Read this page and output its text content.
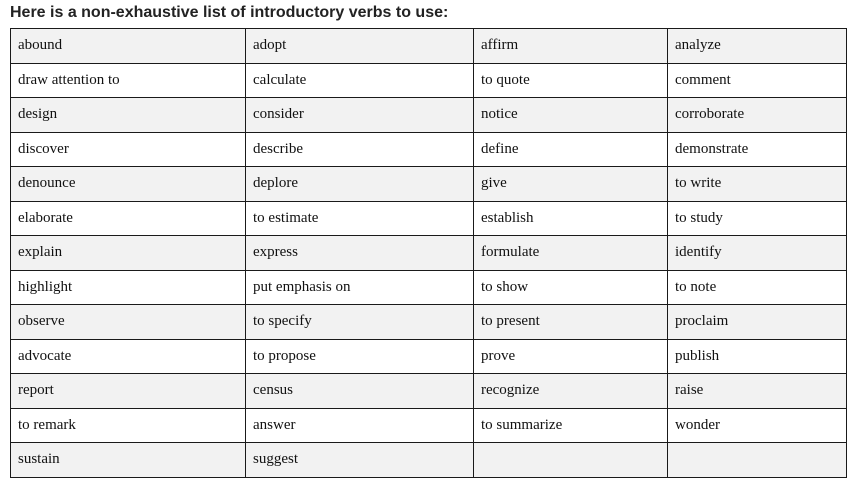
Here is a non-exhaustive list of introductory verbs to use:
abound	adopt	affirm	analyze
draw attention to	calculate	to quote	comment
design	consider	notice	corroborate
discover	describe	define	demonstrate
denounce	deplore	give	to write
elaborate	to estimate	establish	to study
explain	express	formulate	identify
highlight	put emphasis on	to show	to note
observe	to specify	to present	proclaim
advocate	to propose	prove	publish
report	census	recognize	raise
to remark	answer	to summarize	wonder
sustain	suggest		
